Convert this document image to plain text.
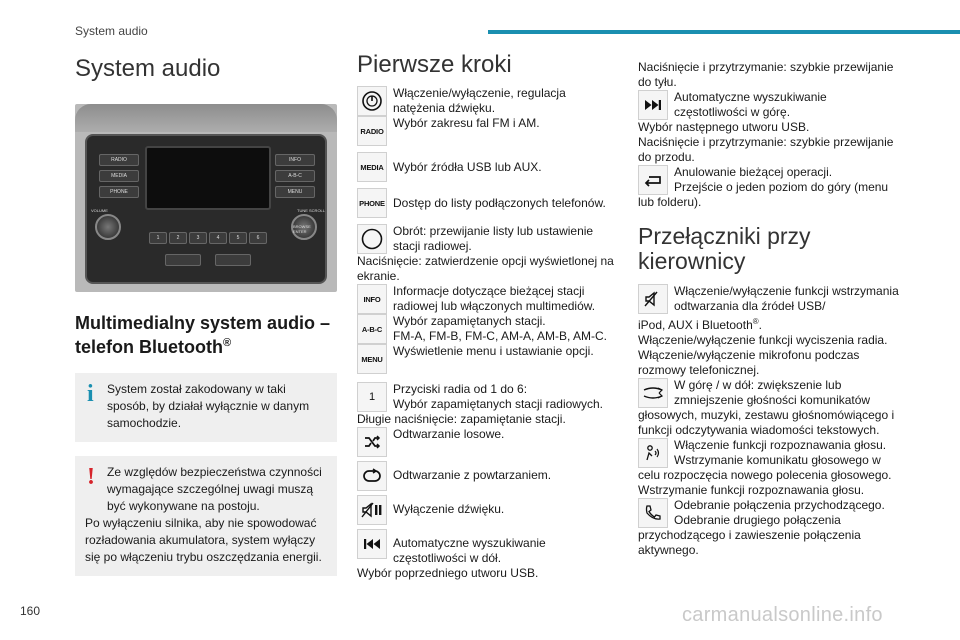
System audio
System audio
RADIO
MEDIA
PHONE
INFO
A-B-C
MENU
VOLUME	TUNE SCROLL
BROWSE ENTER
1	2	3	4	5	6
Multimedialny system audio – telefon Bluetooth®
i	System został zakodowany w taki sposób, by działał wyłącznie w danym samochodzie.
!	Ze względów bezpieczeństwa czynności wymagające szczególnej uwagi muszą być wykonywane na postoju.
Po wyłączeniu silnika, aby nie spowodować rozładowania akumulatora, system wyłączy się po włączeniu trybu oszczędzania energii.
Pierwsze kroki
Włączenie/wyłączenie, regulacja natężenia dźwięku.
RADIO
Wybór zakresu fal FM i AM.
MEDIA Wybór źródła USB lub AUX.
PHONE Dostęp do listy podłączonych telefonów.
Obrót: przewijanie listy lub ustawienie stacji radiowej.
Naciśnięcie: zatwierdzenie opcji wyświetlonej na ekranie.
INFO
Informacje dotyczące bieżącej stacji radiowej lub włączonych multimediów.
A-B-C
Wybór zapamiętanych stacji.
FM-A, FM-B, FM-C, AM-A, AM-B, AM-C.
MENU
Wyświetlenie menu i ustawianie opcji.
1
Przyciski radia od 1 do 6:
Wybór zapamiętanych stacji radiowych.
Długie naciśnięcie: zapamiętanie stacji.
Odtwarzanie losowe.
Odtwarzanie z powtarzaniem.
Wyłączenie dźwięku.
Automatyczne wyszukiwanie częstotliwości w dół.
Wybór poprzedniego utworu USB.
Naciśnięcie i przytrzymanie: szybkie przewijanie do tyłu.
Automatyczne wyszukiwanie częstotliwości w górę.
Wybór następnego utworu USB.
Naciśnięcie i przytrzymanie: szybkie przewijanie do przodu.
Anulowanie bieżącej operacji.
Przejście o jeden poziom do góry (menu
lub folderu).
Przełączniki przy kierownicy
Włączenie/wyłączenie funkcji wstrzymania odtwarzania dla źródeł USB/
iPod, AUX i Bluetooth®.
Włączenie/wyłączenie funkcji wyciszenia radia.
Włączenie/wyłączenie mikrofonu podczas rozmowy telefonicznej.
W górę / w dół: zwiększenie lub zmniejszenie głośności komunikatów
głosowych, muzyki, zestawu głośnomówiącego i funkcji odczytywania wiadomości tekstowych.
Włączenie funkcji rozpoznawania głosu. Wstrzymanie komunikatu głosowego w
celu rozpoczęcia nowego polecenia głosowego. Wstrzymanie funkcji rozpoznawania głosu.
Odebranie połączenia przychodzącego. Odebranie drugiego połączenia
przychodzącego i zawieszenie połączenia aktywnego.
160	carmanualsonline.info
